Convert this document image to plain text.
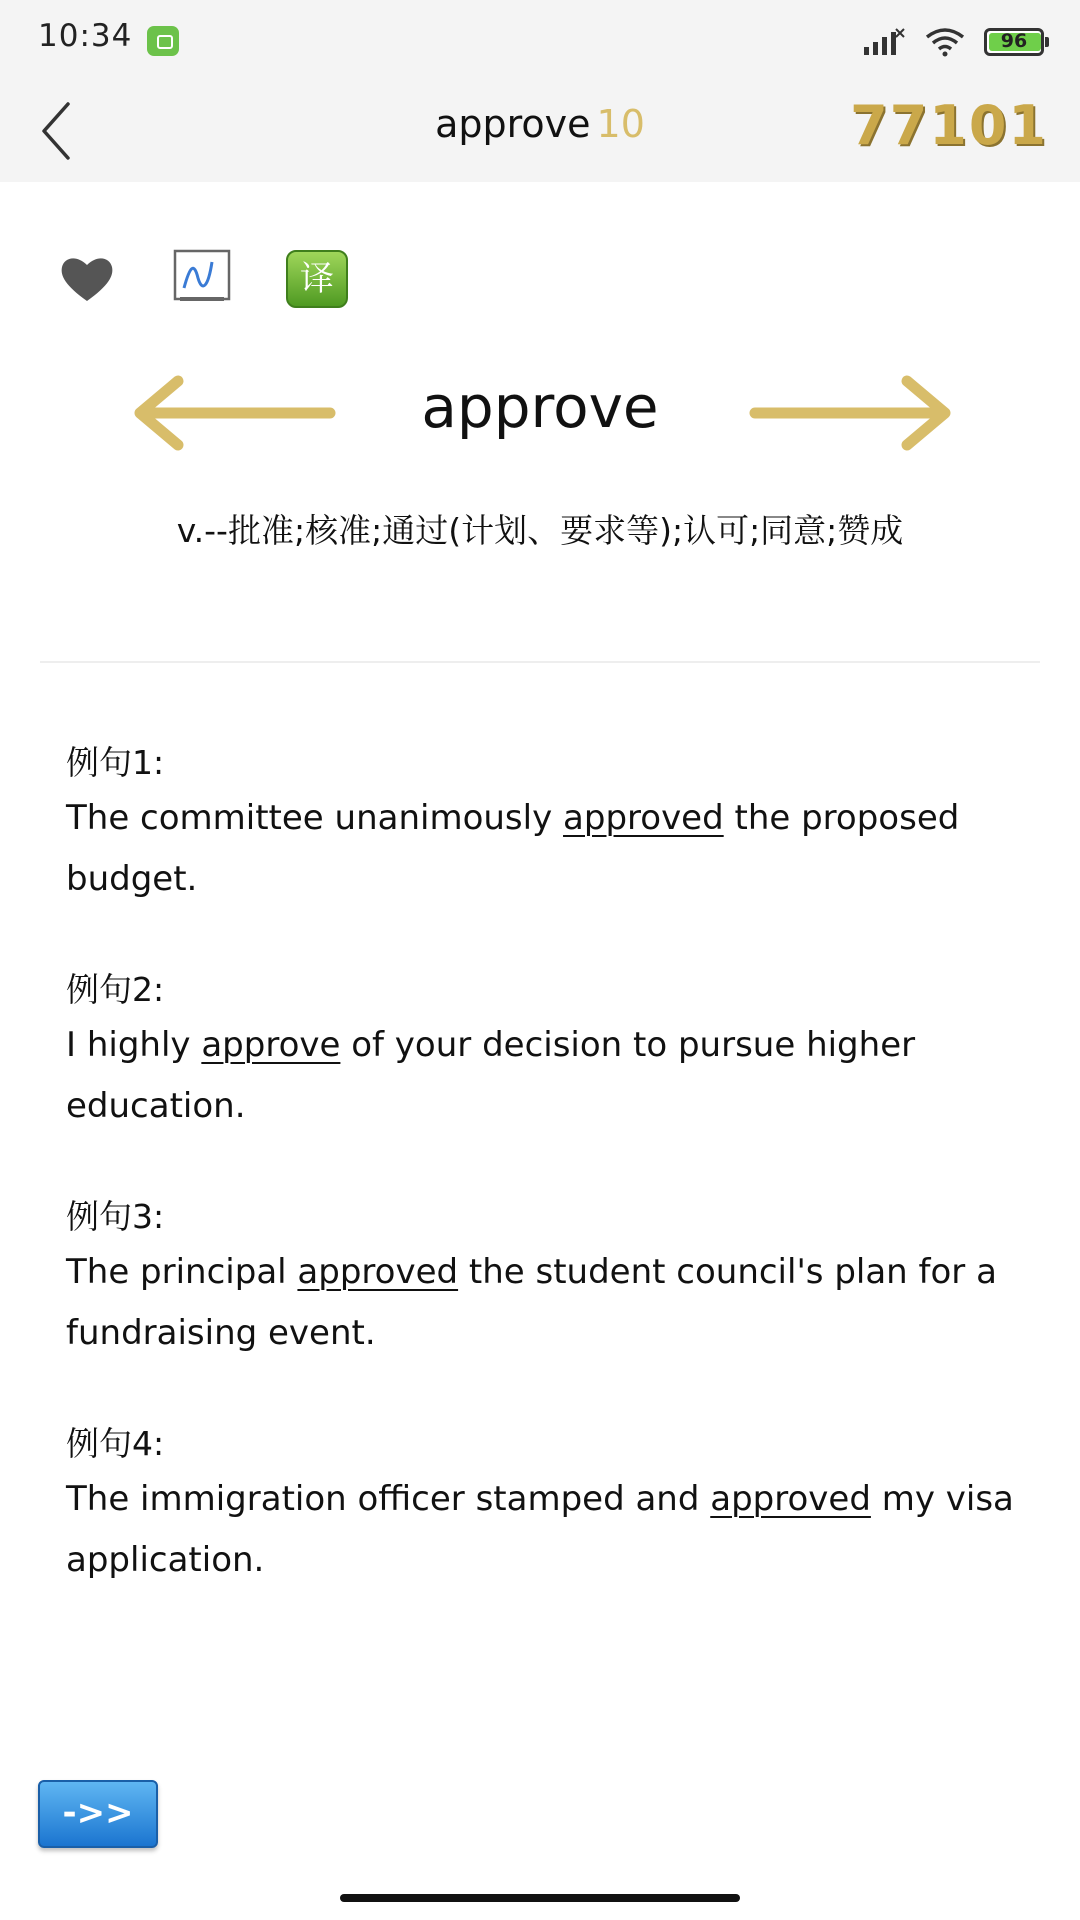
10:34	96
approve 10	77101
译
approve
v.--批准;核准;通过(计划、要求等);认可;同意;赞成
例句1:
The committee unanimously approved the proposed budget.
例句2:
I highly approve of your decision to pursue higher education.
例句3:
The principal approved the student council's plan for a fundraising event.
例句4:
The immigration officer stamped and approved my visa application.
->>
